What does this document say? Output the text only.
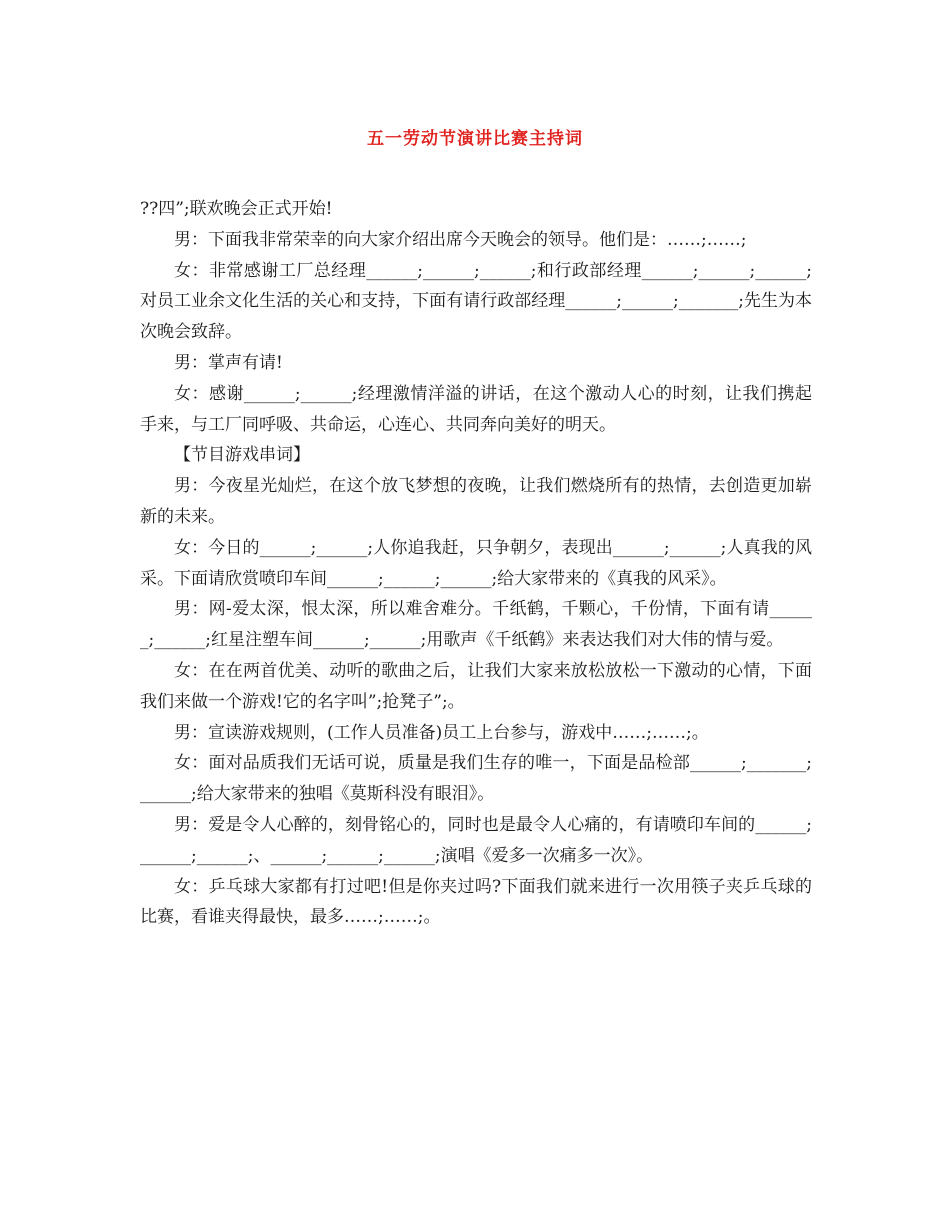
五一劳动节演讲比赛主持词

??四”;联欢晚会正式开始!

男：下面我非常荣幸的向大家介绍出席今天晚会的领导。他们是：……;……;

女：非常感谢工厂总经理______;______;______;和行政部经理______;______;______;对员工业余文化生活的关心和支持，下面有请行政部经理______;______;_______;先生为本次晚会致辞。

男：掌声有请!

女：感谢______;______;经理激情洋溢的讲话，在这个激动人心的时刻，让我们携起手来，与工厂同呼吸、共命运，心连心、共同奔向美好的明天。

【节目游戏串词】

男：今夜星光灿烂，在这个放飞梦想的夜晚，让我们燃烧所有的热情，去创造更加崭新的未来。

女：今日的______;______;人你追我赶，只争朝夕，表现出______;______;人真我的风采。下面请欣赏喷印车间______;______;______;给大家带来的《真我的风采》。

男：网-爱太深，恨太深，所以难舍难分。千纸鹤，千颗心，千份情，下面有请______;______;红星注塑车间______;______;用歌声《千纸鹤》来表达我们对大伟的情与爱。

女：在在两首优美、动听的歌曲之后，让我们大家来放松放松一下激动的心情，下面我们来做一个游戏!它的名字叫”;抢凳子”;。

男：宣读游戏规则，(工作人员准备)员工上台参与，游戏中……;……;。

女：面对品质我们无话可说，质量是我们生存的唯一，下面是品检部______;_______;______;给大家带来的独唱《莫斯科没有眼泪》。

男：爱是令人心醉的，刻骨铭心的，同时也是最令人心痛的，有请喷印车间的______;______;______;、______;______;______;演唱《爱多一次痛多一次》。

女：乒乓球大家都有打过吧!但是你夹过吗?下面我们就来进行一次用筷子夹乒乓球的比赛，看谁夹得最快，最多……;……;。
